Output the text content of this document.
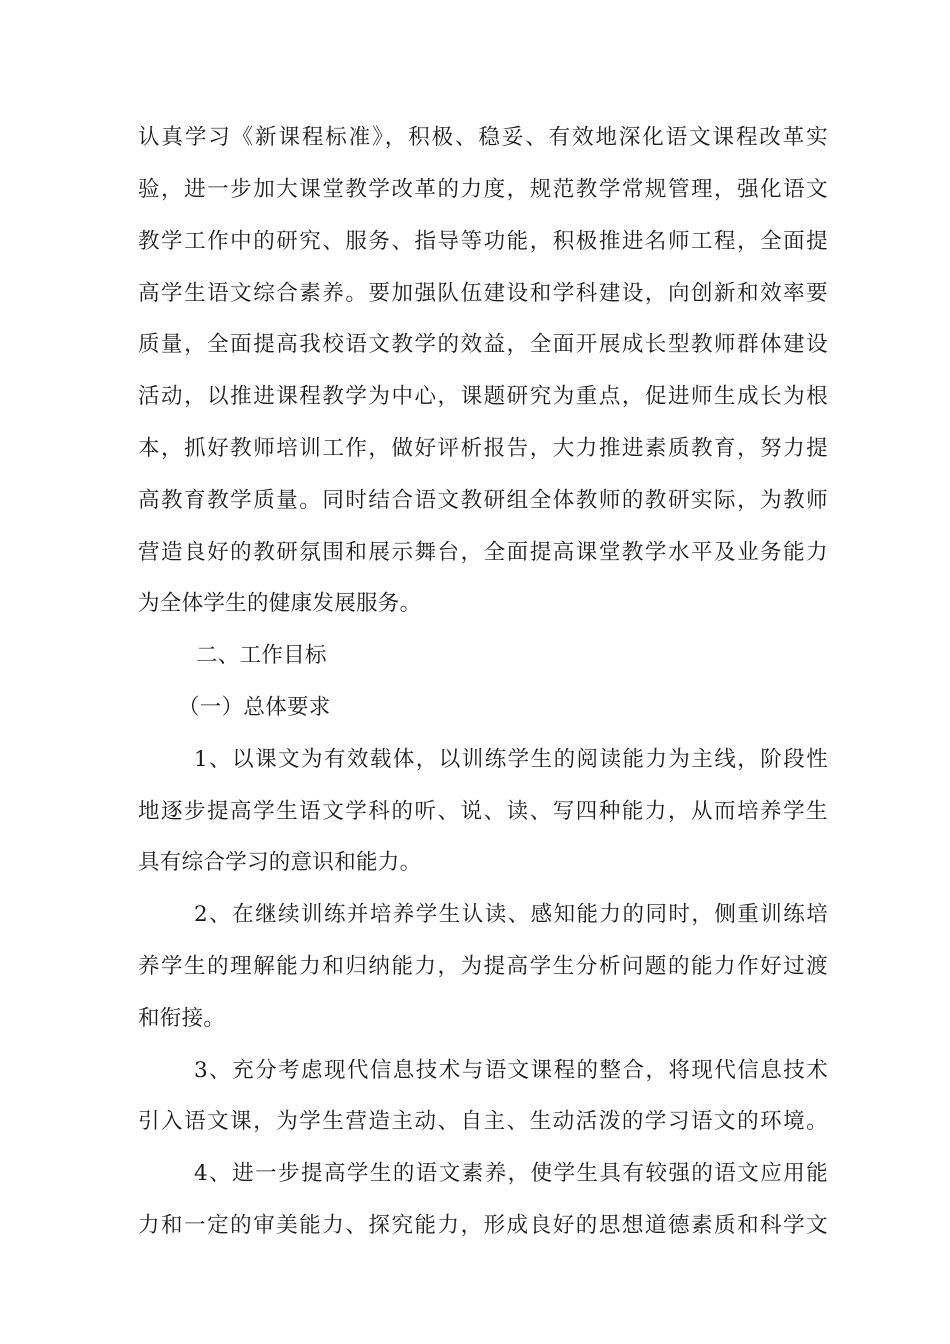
认真学习《新课程标准》，积极、稳妥、有效地深化语文课程改革实
验，进一步加大课堂教学改革的力度，规范教学常规管理，强化语文
教学工作中的研究、服务、指导等功能，积极推进名师工程，全面提
高学生语文综合素养。要加强队伍建设和学科建设，向创新和效率要
质量，全面提高我校语文教学的效益，全面开展成长型教师群体建设
活动，以推进课程教学为中心，课题研究为重点，促进师生成长为根
本，抓好教师培训工作，做好评析报告，大力推进素质教育，努力提
高教育教学质量。同时结合语文教研组全体教师的教研实际，为教师
营造良好的教研氛围和展示舞台，全面提高课堂教学水平及业务能力
为全体学生的健康发展服务。
二、工作目标
（一）总体要求
1、以课文为有效载体，以训练学生的阅读能力为主线，阶段性
地逐步提高学生语文学科的听、说、读、写四种能力，从而培养学生
具有综合学习的意识和能力。
2、在继续训练并培养学生认读、感知能力的同时，侧重训练培
养学生的理解能力和归纳能力，为提高学生分析问题的能力作好过渡
和衔接。
3、充分考虑现代信息技术与语文课程的整合，将现代信息技术
引入语文课，为学生营造主动、自主、生动活泼的学习语文的环境。
4、进一步提高学生的语文素养，使学生具有较强的语文应用能
力和一定的审美能力、探究能力，形成良好的思想道德素质和科学文
